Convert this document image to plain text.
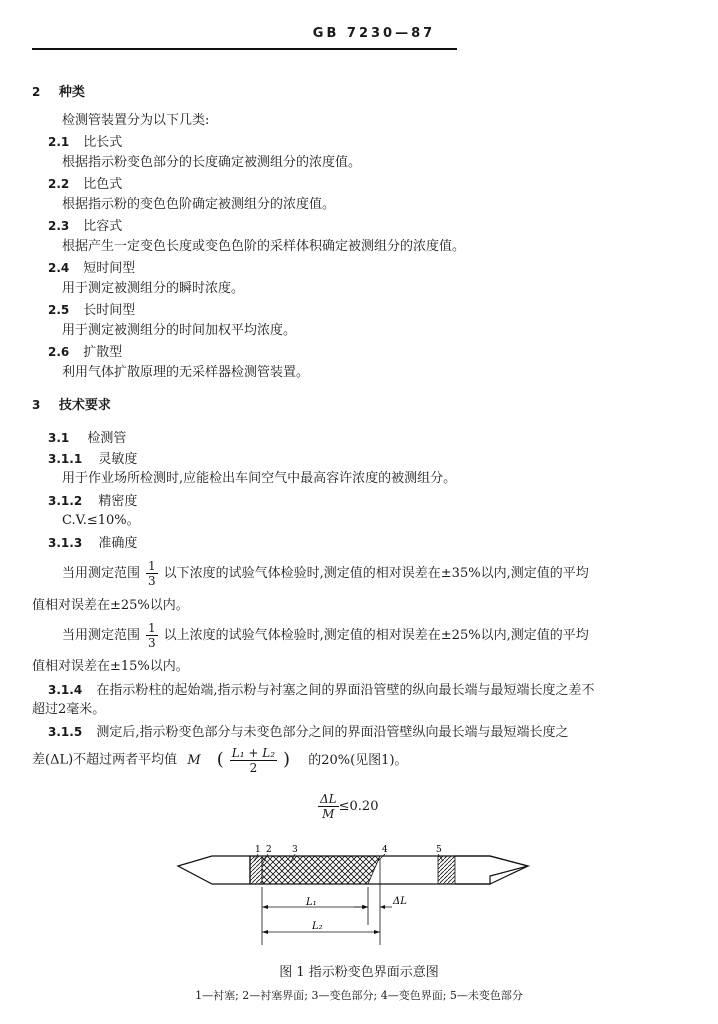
GB 7230—87
2 种类
检测管装置分为以下几类:
2.1 比长式
根据指示粉变色部分的长度确定被测组分的浓度值。
2.2 比色式
根据指示粉的变色色阶确定被测组分的浓度值。
2.3 比容式
根据产生一定变色长度或变色色阶的采样体积确定被测组分的浓度值。
2.4 短时间型
用于测定被测组分的瞬时浓度。
2.5 长时间型
用于测定被测组分的时间加权平均浓度。
2.6 扩散型
利用气体扩散原理的无采样器检测管装置。
3 技术要求
3.1 检测管
3.1.1 灵敏度
用于作业场所检测时,应能检出车间空气中最高容许浓度的被测组分。
3.1.2 精密度
C.V.≤10%。
3.1.3 准确度
当用测定范围 $\frac{1}{3}$ 以下浓度的试验气体检验时,测定值的相对误差在±35%以内,测定值的平均
值相对误差在±25%以内。
当用测定范围 $\frac{1}{3}$ 以上浓度的试验气体检验时,测定值的相对误差在±25%以内,测定值的平均
值相对误差在±15%以内。
3.1.4 在指示粉柱的起始端,指示粉与衬塞之间的界面沿管壁的纵向最长端与最短端长度之差不
超过2毫米。
3.1.5 测定后,指示粉变色部分与未变色部分之间的界面沿管壁纵向最长端与最短端长度之
差(ΔL)不超过两者平均值 M ( $\frac{\text{L₁ + L₂}}{2}$ ) 的20%(见图1)。
$\frac{\Delta L}{M} \le 0.20$
1 2 3	4	5
L₁
L₂
ΔL
图 1 指示粉变色界面示意图
1—衬塞; 2—衬塞界面; 3—变色部分; 4—变色界面; 5—未变色部分
